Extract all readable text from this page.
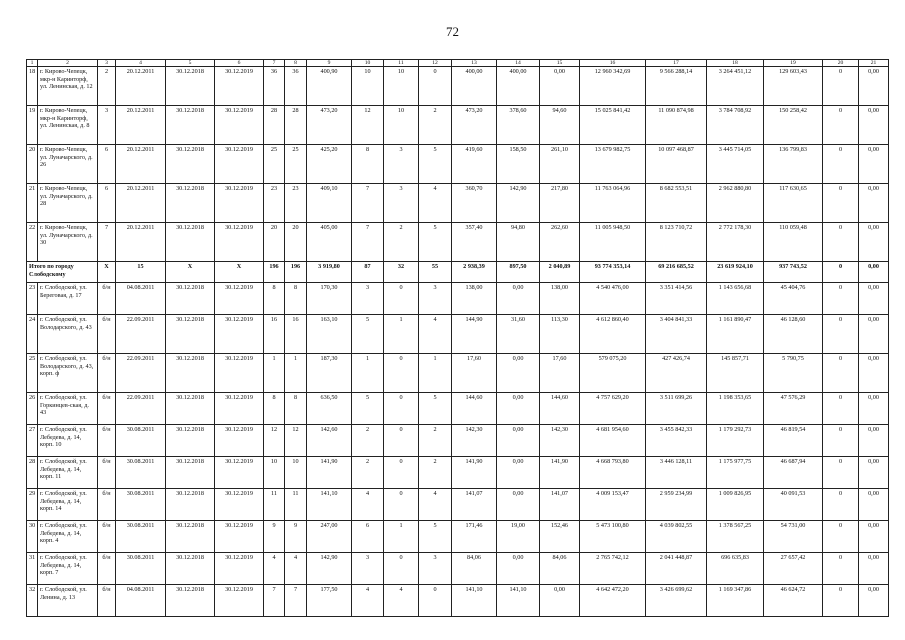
72
1	2	3	4	5	6	7	8	9	10	11	12	13	14	15	16	17	18	19	20	21
18	г. Кирово-Чепецк, мкр-н Каринторф, ул. Ленинская, д. 12	2	20.12.2011	30.12.2018	30.12.2019	36	36	400,90	10	10	0	400,00	400,00	0,00	12 960 342,69	9 566 288,14	3 264 451,12	129 603,43	0	0,00
19	г. Кирово-Чепецк, мкр-н Каринторф, ул. Ленинская, д. 8	3	20.12.2011	30.12.2018	30.12.2019	28	28	473,20	12	10	2	473,20	378,60	94,60	15 025 841,42	11 090 874,98	3 784 708,92	150 258,42	0	0,00
20	г. Кирово-Чепецк, ул. Луначарского, д. 26	6	20.12.2011	30.12.2018	30.12.2019	25	25	425,20	8	3	5	419,60	158,50	261,10	13 679 982,75	10 097 468,87	3 445 714,05	136 799,83	0	0,00
21	г. Кирово-Чепецк, ул. Луначарского, д. 28	6	20.12.2011	30.12.2018	30.12.2019	23	23	409,10	7	3	4	360,70	142,90	217,80	11 763 064,96	8 682 553,51	2 962 880,80	117 630,65	0	0,00
22	г. Кирово-Чепецк, ул. Луначарского, д. 30	7	20.12.2011	30.12.2018	30.12.2019	20	20	405,00	7	2	5	357,40	94,80	262,60	11 005 948,50	8 123 710,72	2 772 178,30	110 059,48	0	0,00
Итого по городу Слободскому		Х	15	Х	Х	196	196	3 919,80	87	32	55	2 938,39	897,50	2 040,89	93 774 353,14	69 216 685,52	23 619 924,10	937 743,52	0	0,00
23	г. Слободской, ул. Береговая, д. 17	б/н	04.08.2011	30.12.2018	30.12.2019	8	8	170,30	3	0	3	138,00	0,00	138,00	4 540 476,00	3 351 414,56	1 143 656,68	45 404,76	0	0,00
24	г. Слободской, ул. Володарского, д. 43	б/н	22.09.2011	30.12.2018	30.12.2019	16	16	163,10	5	1	4	144,90	31,60	113,30	4 612 860,40	3 404 841,33	1 161 890,47	46 128,60	0	0,00
25	г. Слободской, ул. Володарского, д. 43, корп. ф	б/н	22.09.2011	30.12.2018	30.12.2019	1	1	187,30	1	0	1	17,60	0,00	17,60	579 075,20	427 426,74	145 857,71	5 790,75	0	0,00
26	г. Слободской, ул. Горкинцев-ская, д. 43	б/н	22.09.2011	30.12.2018	30.12.2019	8	8	636,50	5	0	5	144,60	0,00	144,60	4 757 629,20	3 511 699,26	1 198 353,65	47 576,29	0	0,00
27	г. Слободской, ул. Лебедева, д. 14, корп. 10	б/н	30.08.2011	30.12.2018	30.12.2019	12	12	142,60	2	0	2	142,30	0,00	142,30	4 681 954,60	3 455 842,33	1 179 292,73	46 819,54	0	0,00
28	г. Слободской, ул. Лебедева, д. 14, корп. 11	б/н	30.08.2011	30.12.2018	30.12.2019	10	10	141,90	2	0	2	141,90	0,00	141,90	4 668 793,80	3 446 128,11	1 175 977,75	46 687,94	0	0,00
29	г. Слободской, ул. Лебедева, д. 14, корп. 14	б/н	30.08.2011	30.12.2018	30.12.2019	11	11	141,10	4	0	4	141,07	0,00	141,07	4 009 153,47	2 959 234,99	1 009 826,95	40 091,53	0	0,00
30	г. Слободской, ул. Лебедева, д. 14, корп. 4	б/н	30.08.2011	30.12.2018	30.12.2019	9	9	247,00	6	1	5	171,46	19,00	152,46	5 473 100,80	4 039 802,55	1 378 567,25	54 731,00	0	0,00
31	г. Слободской, ул. Лебедева, д. 14, корп. 7	б/н	30.08.2011	30.12.2018	30.12.2019	4	4	142,90	3	0	3	84,06	0,00	84,06	2 765 742,12	2 041 448,87	696 635,83	27 657,42	0	0,00
32	г. Слободской, ул. Ленина, д. 13	б/н	04.08.2011	30.12.2018	30.12.2019	7	7	177,50	4	4	0	141,10	141,10	0,00	4 642 472,20	3 426 699,62	1 169 347,86	46 624,72	0	0,00
